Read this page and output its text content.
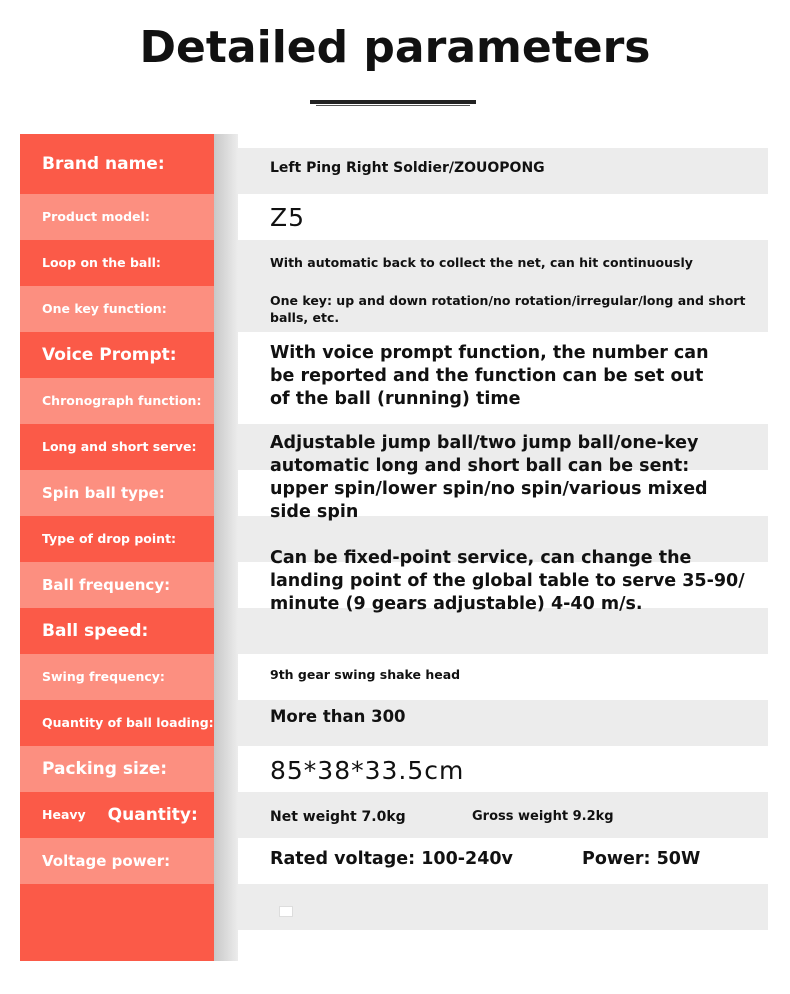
Detailed parameters
Brand name:
Product model:
Loop on the ball:
One key function:
Voice Prompt:
Chronograph function:
Long and short serve:
Spin ball type:
Type of drop point:
Ball frequency:
Ball speed:
Swing frequency:
Quantity of ball loading:
Packing size:
Heavy Quantity:
Voltage power:
Left Ping Right Soldier/ZOUOPONG
Z5
With automatic back to collect the net, can hit continuously
One key: up and down rotation/no rotation/irregular/long and short balls, etc.
With voice prompt function, the number can be reported and the function can be set out of the ball (running) time
Adjustable jump ball/two jump ball/one-key automatic long and short ball can be sent: upper spin/lower spin/no spin/various mixed side spin
Can be fixed-point service, can change the landing point of the global table to serve 35-90/ minute (9 gears adjustable) 4-40 m/s.
9th gear swing shake head
More than 300
85*38*33.5cm
Net weight 7.0kg	Gross weight 9.2kg
Rated voltage: 100-240v	Power: 50W
